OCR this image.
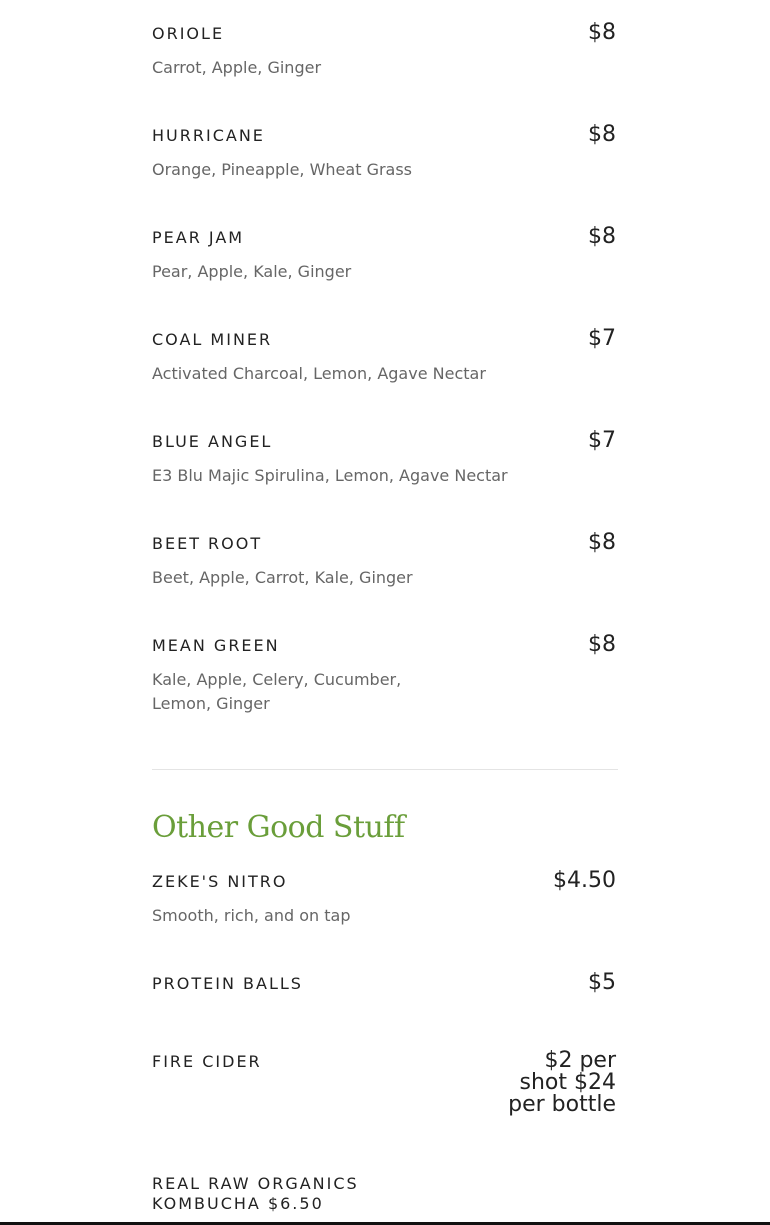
ORIOLE
Carrot, Apple, Ginger
$8
HURRICANE
Orange, Pineapple, Wheat Grass
$8
PEAR JAM
Pear, Apple, Kale, Ginger
$8
COAL MINER
Activated Charcoal, Lemon, Agave Nectar
$7
BLUE ANGEL
E3 Blu Majic Spirulina, Lemon, Agave Nectar
$7
BEET ROOT
Beet, Apple, Carrot, Kale, Ginger
$8
MEAN GREEN
Kale, Apple, Celery, Cucumber, Lemon, Ginger
$8
Other Good Stuff
ZEKE'S NITRO
Smooth, rich, and on tap
$4.50
PROTEIN BALLS	$5
FIRE CIDER	$2 per shot $24 per bottle
REAL RAW ORGANICS KOMBUCHA $6.50
